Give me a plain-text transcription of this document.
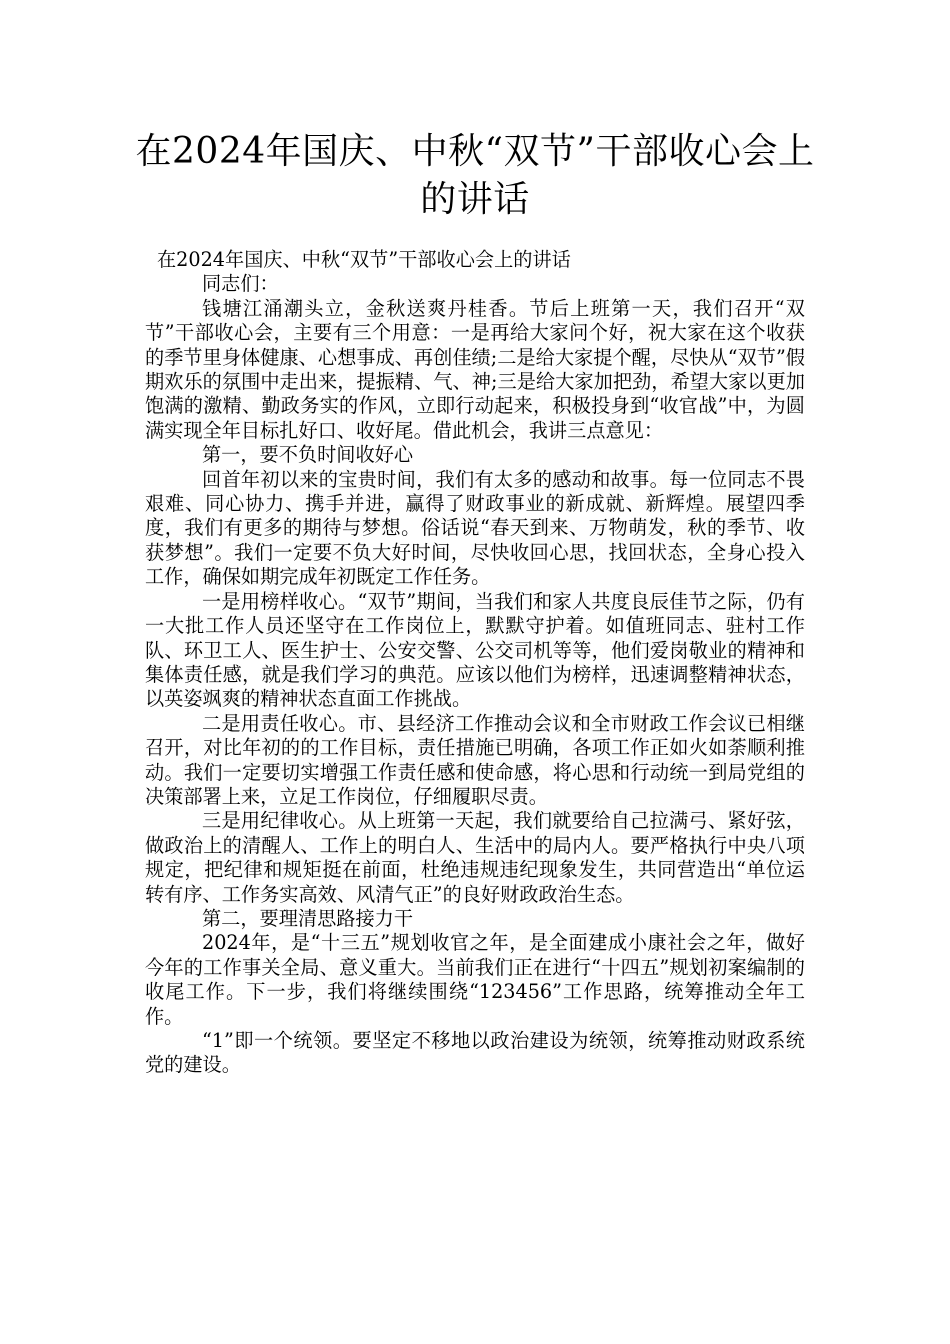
在2024年国庆、中秋“双节”干部收心会上的讲话

在2024年国庆、中秋“双节”干部收心会上的讲话

同志们：

钱塘江涌潮头立，金秋送爽丹桂香。节后上班第一天，我们召开“双节”干部收心会，主要有三个用意：一是再给大家问个好，祝大家在这个收获的季节里身体健康、心想事成、再创佳绩;二是给大家提个醒，尽快从“双节”假期欢乐的氛围中走出来，提振精、气、神;三是给大家加把劲，希望大家以更加饱满的激精、勤政务实的作风，立即行动起来，积极投身到“收官战”中，为圆满实现全年目标扎好口、收好尾。借此机会，我讲三点意见：

第一，要不负时间收好心

回首年初以来的宝贵时间，我们有太多的感动和故事。每一位同志不畏艰难、同心协力、携手并进，赢得了财政事业的新成就、新辉煌。展望四季度，我们有更多的期待与梦想。俗话说“春天到来、万物萌发，秋的季节、收获梦想”。我们一定要不负大好时间，尽快收回心思，找回状态，全身心投入工作，确保如期完成年初既定工作任务。

一是用榜样收心。“双节”期间，当我们和家人共度良辰佳节之际，仍有一大批工作人员还坚守在工作岗位上，默默守护着。如值班同志、驻村工作队、环卫工人、医生护士、公安交警、公交司机等等，他们爱岗敬业的精神和集体责任感，就是我们学习的典范。应该以他们为榜样，迅速调整精神状态，以英姿飒爽的精神状态直面工作挑战。

二是用责任收心。市、县经济工作推动会议和全市财政工作会议已相继召开，对比年初的的工作目标，责任措施已明确，各项工作正如火如荼顺利推动。我们一定要切实增强工作责任感和使命感，将心思和行动统一到局党组的决策部署上来，立足工作岗位，仔细履职尽责。

三是用纪律收心。从上班第一天起，我们就要给自己拉满弓、紧好弦，做政治上的清醒人、工作上的明白人、生活中的局内人。要严格执行中央八项规定，把纪律和规矩挺在前面，杜绝违规违纪现象发生，共同营造出“单位运转有序、工作务实高效、风清气正”的良好财政政治生态。

第二，要理清思路接力干

2024年，是“十三五”规划收官之年，是全面建成小康社会之年，做好今年的工作事关全局、意义重大。当前我们正在进行“十四五”规划初案编制的收尾工作。下一步，我们将继续围绕“123456”工作思路，统筹推动全年工作。

“1”即一个统领。要坚定不移地以政治建设为统领，统筹推动财政系统党的建设。
